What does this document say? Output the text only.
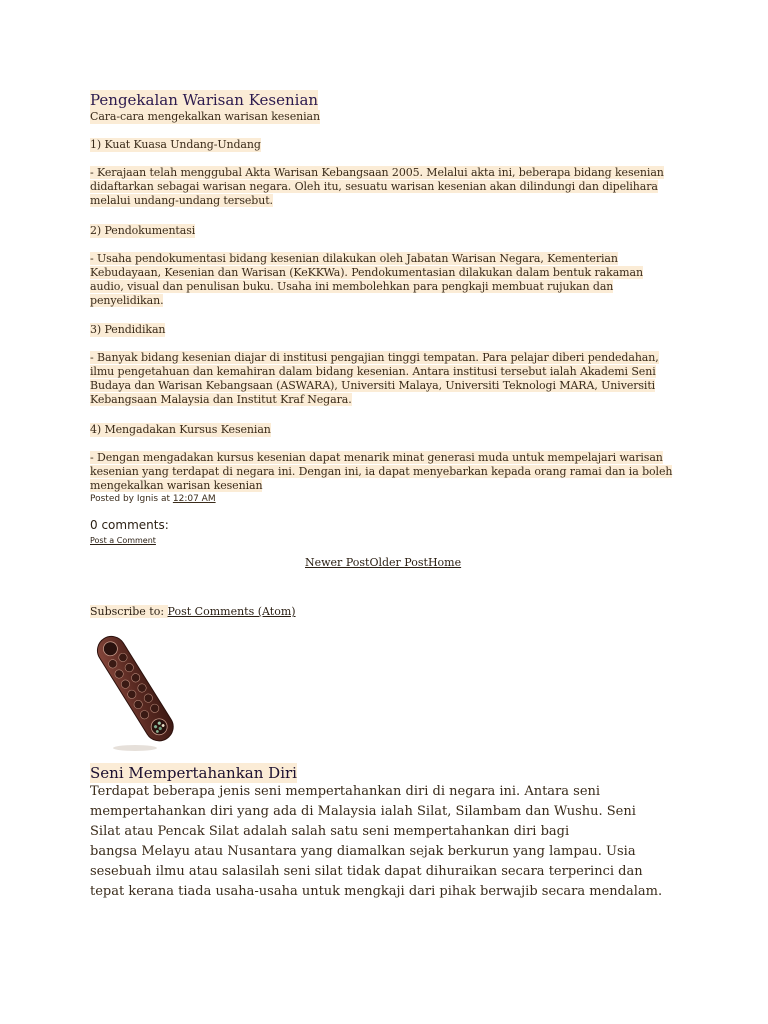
Pengekalan Warisan Kesenian
Cara-cara mengekalkan warisan kesenian
1) Kuat Kuasa Undang-Undang
- Kerajaan telah menggubal Akta Warisan Kebangsaan 2005. Melalui akta ini, beberapa bidang kesenian
didaftarkan sebagai warisan negara. Oleh itu, sesuatu warisan kesenian akan dilindungi dan dipelihara
melalui undang-undang tersebut.
2) Pendokumentasi
- Usaha pendokumentasi bidang kesenian dilakukan oleh Jabatan Warisan Negara, Kementerian
Kebudayaan, Kesenian dan Warisan (KeKKWa). Pendokumentasian dilakukan dalam bentuk rakaman
audio, visual dan penulisan buku. Usaha ini membolehkan para pengkaji membuat rujukan dan
penyelidikan.
3) Pendidikan
- Banyak bidang kesenian diajar di institusi pengajian tinggi tempatan. Para pelajar diberi pendedahan,
ilmu pengetahuan dan kemahiran dalam bidang kesenian. Antara institusi tersebut ialah Akademi Seni
Budaya dan Warisan Kebangsaan (ASWARA), Universiti Malaya, Universiti Teknologi MARA, Universiti
Kebangsaan Malaysia dan Institut Kraf Negara.
4) Mengadakan Kursus Kesenian
- Dengan mengadakan kursus kesenian dapat menarik minat generasi muda untuk mempelajari warisan
kesenian yang terdapat di negara ini. Dengan ini, ia dapat menyebarkan kepada orang ramai dan ia boleh
mengekalkan warisan kesenian
Posted by Ignis at 12:07 AM
0 comments:
Post a Comment
Newer PostOlder PostHome
Subscribe to: Post Comments (Atom)
Seni Mempertahankan Diri
Terdapat beberapa jenis seni mempertahankan diri di negara ini. Antara seni
mempertahankan diri yang ada di Malaysia ialah Silat, Silambam dan Wushu. Seni
Silat atau Pencak Silat adalah salah satu seni mempertahankan diri bagi
bangsa Melayu atau Nusantara yang diamalkan sejak berkurun yang lampau. Usia
sesebuah ilmu atau salasilah seni silat tidak dapat dihuraikan secara terperinci dan
tepat kerana tiada usaha-usaha untuk mengkaji dari pihak berwajib secara mendalam.
